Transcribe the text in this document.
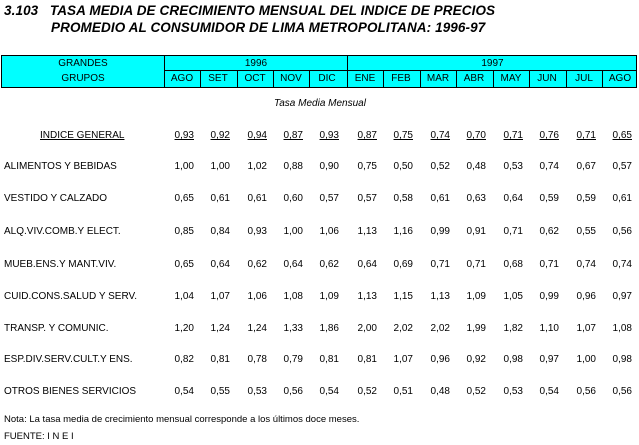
3.103 TASA MEDIA DE CRECIMIENTO MENSUAL DEL INDICE DE PRECIOS
PROMEDIO AL CONSUMIDOR DE LIMA METROPOLITANA: 1996-97
GRANDES
GRUPOS
1996	1997
AGO	SET	OCT	NOV	DIC	ENE	FEB	MAR	ABR	MAY	JUN	JUL	AGO
Tasa Media Mensual
INDICE GENERAL	0,93	0,92	0,94	0,87	0,93	0,87	0,75	0,74	0,70	0,71	0,76	0,71	0,65
ALIMENTOS Y BEBIDAS	1,00	1,00	1,02	0,88	0,90	0,75	0,50	0,52	0,48	0,53	0,74	0,67	0,57
VESTIDO Y CALZADO	0,65	0,61	0,61	0,60	0,57	0,57	0,58	0,61	0,63	0,64	0,59	0,59	0,61
ALQ.VIV.COMB.Y ELECT.	0,85	0,84	0,93	1,00	1,06	1,13	1,16	0,99	0,91	0,71	0,62	0,55	0,56
MUEB.ENS.Y MANT.VIV.	0,65	0,64	0,62	0,64	0,62	0,64	0,69	0,71	0,71	0,68	0,71	0,74	0,74
CUID.CONS.SALUD Y SERV.	1,04	1,07	1,06	1,08	1,09	1,13	1,15	1,13	1,09	1,05	0,99	0,96	0,97
TRANSP. Y COMUNIC.	1,20	1,24	1,24	1,33	1,86	2,00	2,02	2,02	1,99	1,82	1,10	1,07	1,08
ESP.DIV.SERV.CULT.Y ENS.	0,82	0,81	0,78	0,79	0,81	0,81	1,07	0,96	0,92	0,98	0,97	1,00	0,98
OTROS BIENES SERVICIOS	0,54	0,55	0,53	0,56	0,54	0,52	0,51	0,48	0,52	0,53	0,54	0,56	0,56
Nota: La tasa media de crecimiento mensual corresponde a los últimos doce meses.
FUENTE: I N E I
